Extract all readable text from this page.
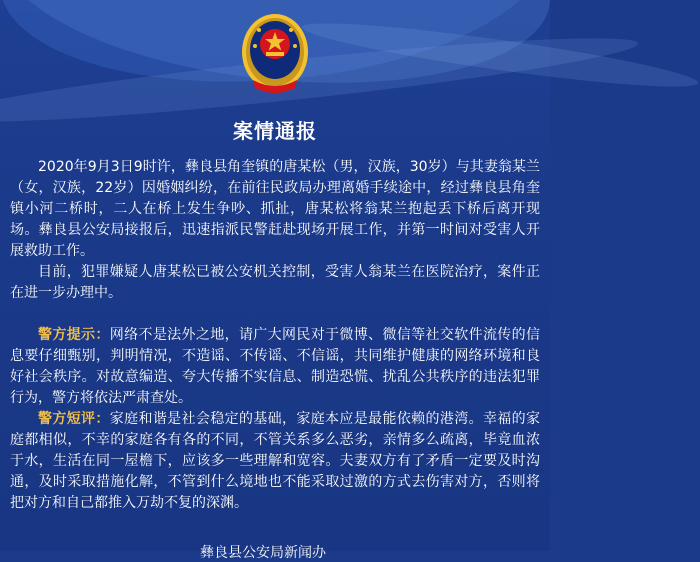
案情通报

2020年9月3日9时许，彝良县角奎镇的唐某松（男，汉族，30岁）与其妻翁某兰（女，汉族，22岁）因婚姻纠纷，在前往民政局办理离婚手续途中，经过彝良县角奎镇小河二桥时，二人在桥上发生争吵、抓扯，唐某松将翁某兰抱起丢下桥后离开现场。彝良县公安局接报后，迅速指派民警赶赴现场开展工作，并第一时间对受害人开展救助工作。

目前，犯罪嫌疑人唐某松已被公安机关控制，受害人翁某兰在医院治疗，案件正在进一步办理中。

警方提示：网络不是法外之地，请广大网民对于微博、微信等社交软件流传的信息要仔细甄别，判明情况，不造谣、不传谣、不信谣，共同维护健康的网络环境和良好社会秩序。对故意编造、夸大传播不实信息、制造恐慌、扰乱公共秩序的违法犯罪行为，警方将依法严肃查处。

警方短评：家庭和谐是社会稳定的基础，家庭本应是最能依赖的港湾。幸福的家庭都相似，不幸的家庭各有各的不同，不管关系多么恶劣，亲情多么疏离，毕竟血浓于水，生活在同一屋檐下，应该多一些理解和宽容。夫妻双方有了矛盾一定要及时沟通，及时采取措施化解，不管到什么境地也不能采取过激的方式去伤害对方，否则将把对方和自己都推入万劫不复的深渊。

彝良县公安局新闻办
